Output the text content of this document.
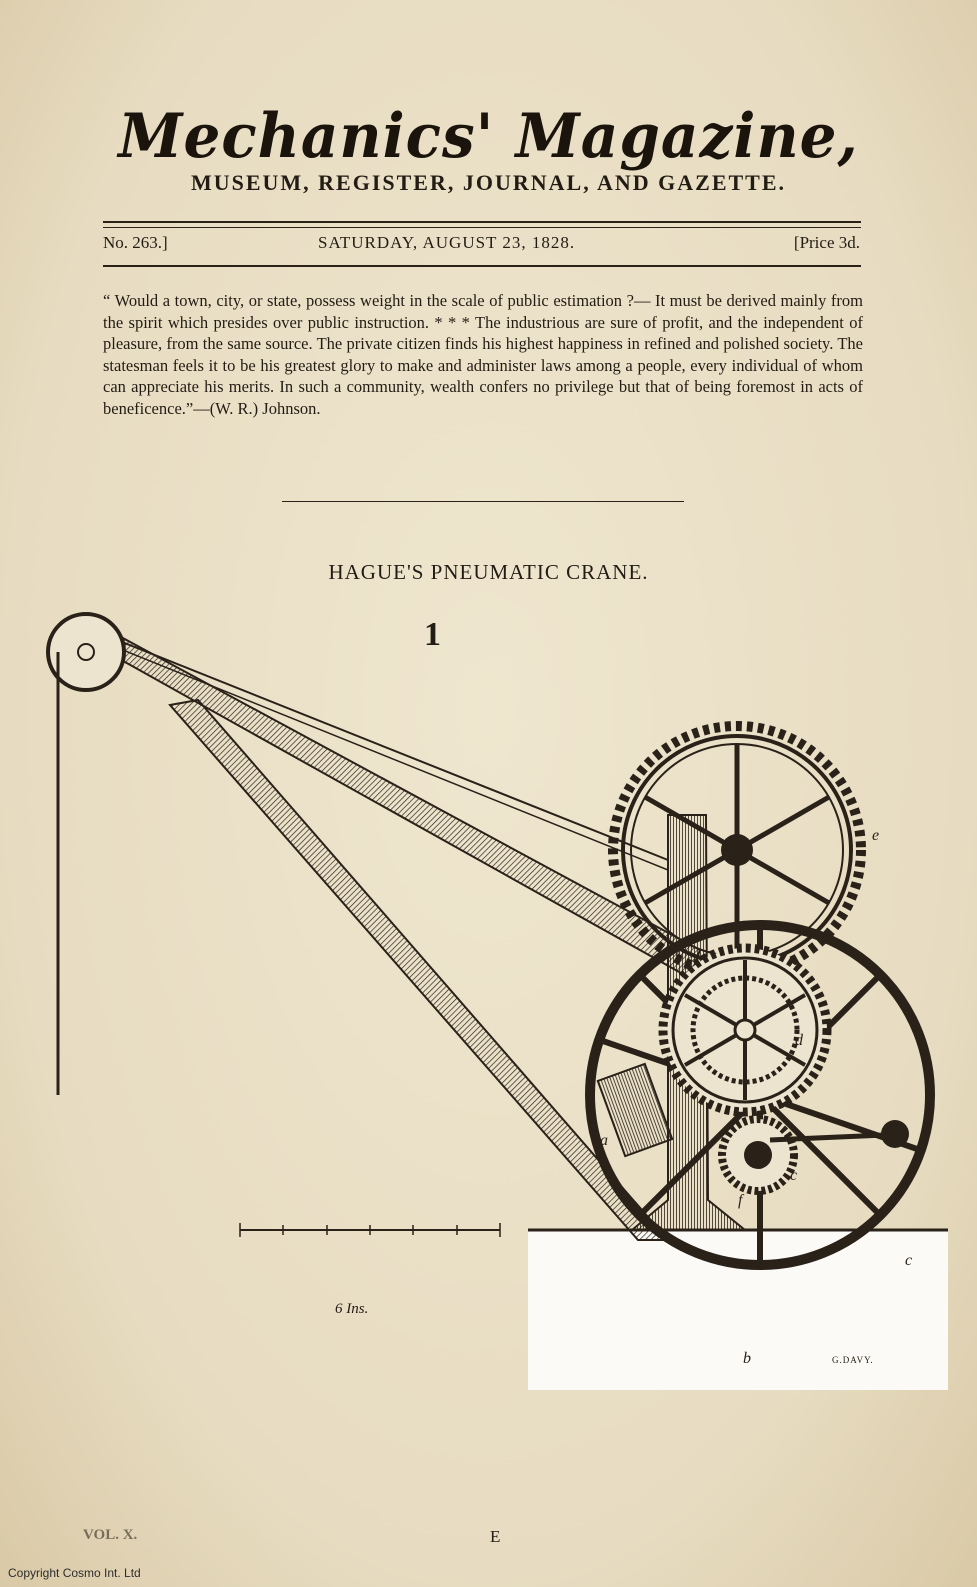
Mechanics' Magazine,
MUSEUM, REGISTER, JOURNAL, AND GAZETTE.
No. 263.]	SATURDAY, AUGUST 23, 1828.	[Price 3d.
“ Would a town, city, or state, possess weight in the scale of public estimation ?— It must be derived mainly from the spirit which presides over public instruction. * * * The industrious are sure of profit, and the independent of pleasure, from the same source. The private citizen finds his highest happiness in refined and polished society. The statesman feels it to be his greatest glory to make and administer laws among a people, every individual of whom can appreciate his merits. In such a community, wealth confers no privilege but that of being foremost in acts of beneficence.”—(W. R.) Johnson.
HAGUE'S PNEUMATIC CRANE.
a
b
c
d
e
f
c
1
6 Ins.
G.DAVY.
VOL. X.	E
Copyright Cosmo Int. Ltd
